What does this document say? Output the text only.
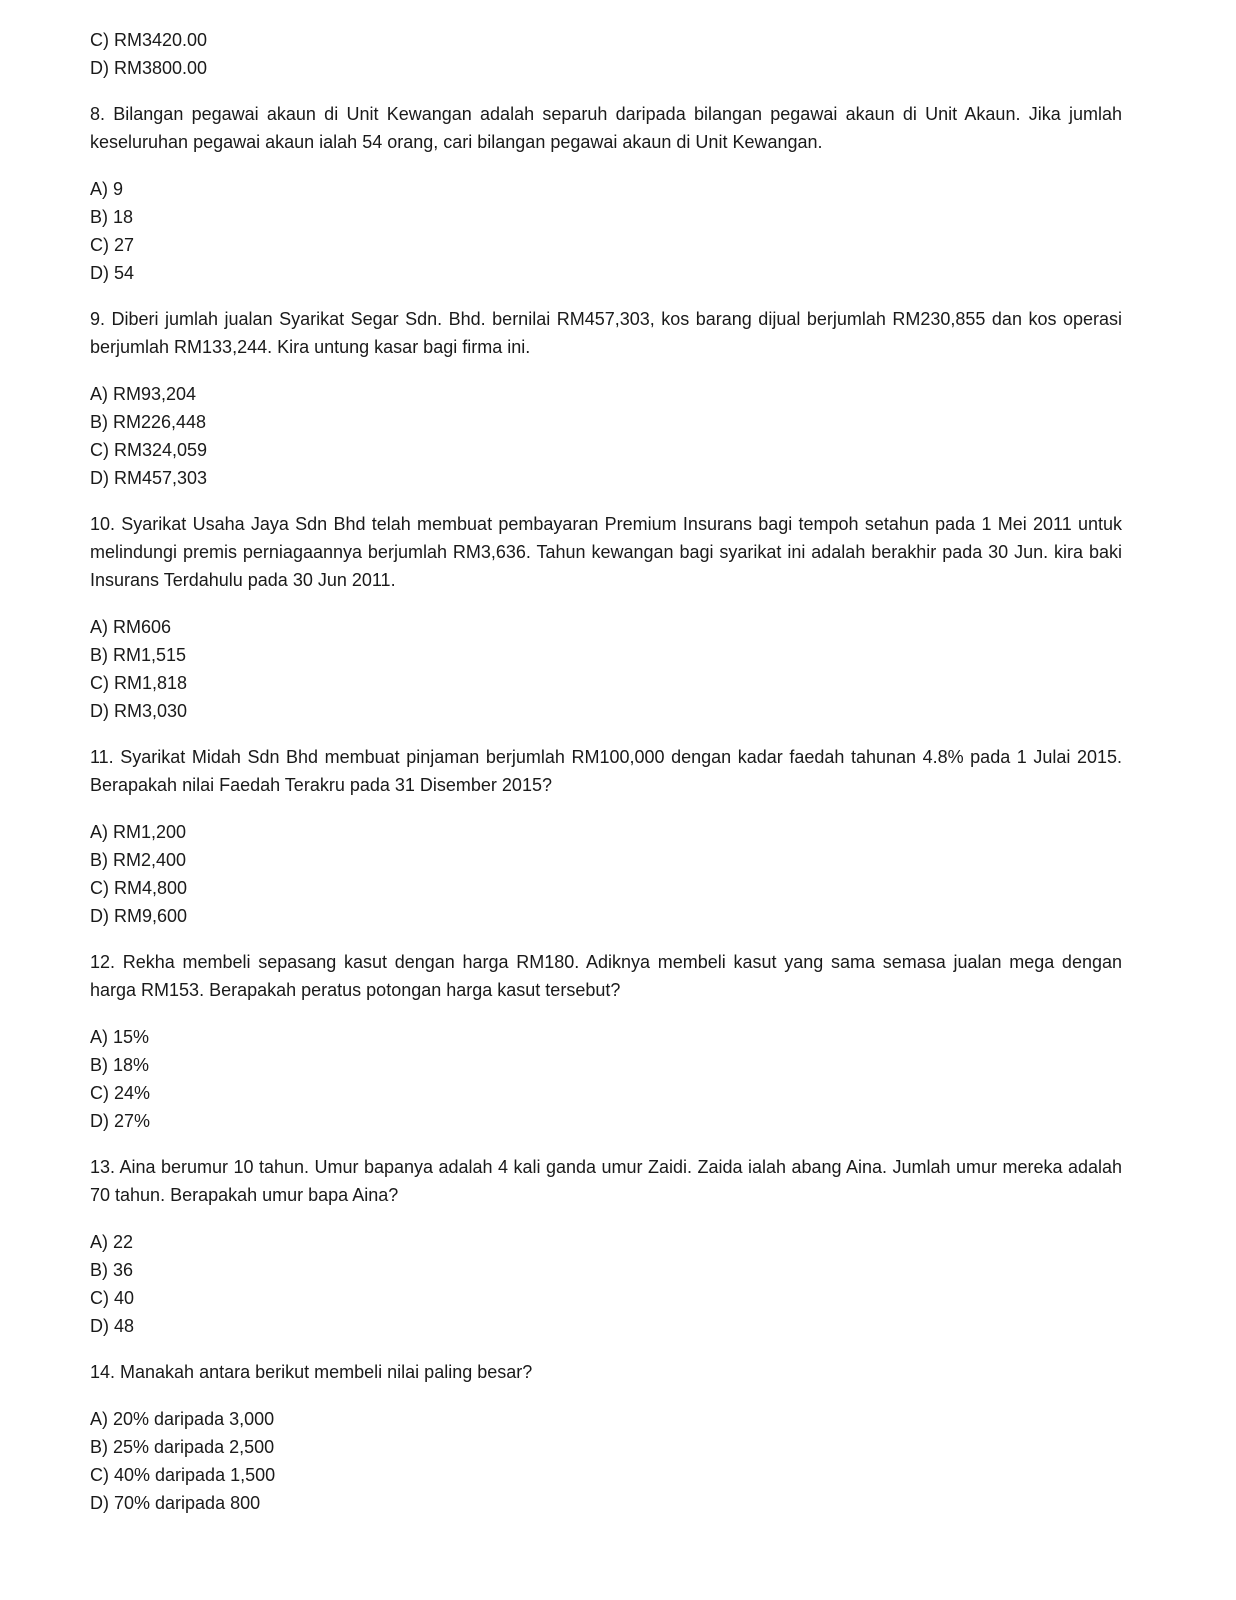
C) RM3420.00

D) RM3800.00

8. Bilangan pegawai akaun di Unit Kewangan adalah separuh daripada bilangan pegawai akaun di Unit Akaun. Jika jumlah keseluruhan pegawai akaun ialah 54 orang, cari bilangan pegawai akaun di Unit Kewangan.

A) 9

B) 18

C) 27

D) 54

9. Diberi jumlah jualan Syarikat Segar Sdn. Bhd. bernilai RM457,303, kos barang dijual berjumlah RM230,855 dan kos operasi berjumlah RM133,244. Kira untung kasar bagi firma ini.

A) RM93,204

B) RM226,448

C) RM324,059

D) RM457,303

10. Syarikat Usaha Jaya Sdn Bhd telah membuat pembayaran Premium Insurans bagi tempoh setahun pada 1 Mei 2011 untuk melindungi premis perniagaannya berjumlah RM3,636. Tahun kewangan bagi syarikat ini adalah berakhir pada 30 Jun. kira baki Insurans Terdahulu pada 30 Jun 2011.

A) RM606

B) RM1,515

C) RM1,818

D) RM3,030

11. Syarikat Midah Sdn Bhd membuat pinjaman berjumlah RM100,000 dengan kadar faedah tahunan 4.8% pada 1 Julai 2015. Berapakah nilai Faedah Terakru pada 31 Disember 2015?

A) RM1,200

B) RM2,400

C) RM4,800

D) RM9,600

12. Rekha membeli sepasang kasut dengan harga RM180. Adiknya membeli kasut yang sama semasa jualan mega dengan harga RM153. Berapakah peratus potongan harga kasut tersebut?

A) 15%

B) 18%

C) 24%

D) 27%

13. Aina berumur 10 tahun. Umur bapanya adalah 4 kali ganda umur Zaidi. Zaida ialah abang Aina. Jumlah umur mereka adalah 70 tahun. Berapakah umur bapa Aina?

A) 22

B) 36

C) 40

D) 48

14. Manakah antara berikut membeli nilai paling besar?

A) 20% daripada 3,000

B) 25% daripada 2,500

C) 40% daripada 1,500

D) 70% daripada 800
